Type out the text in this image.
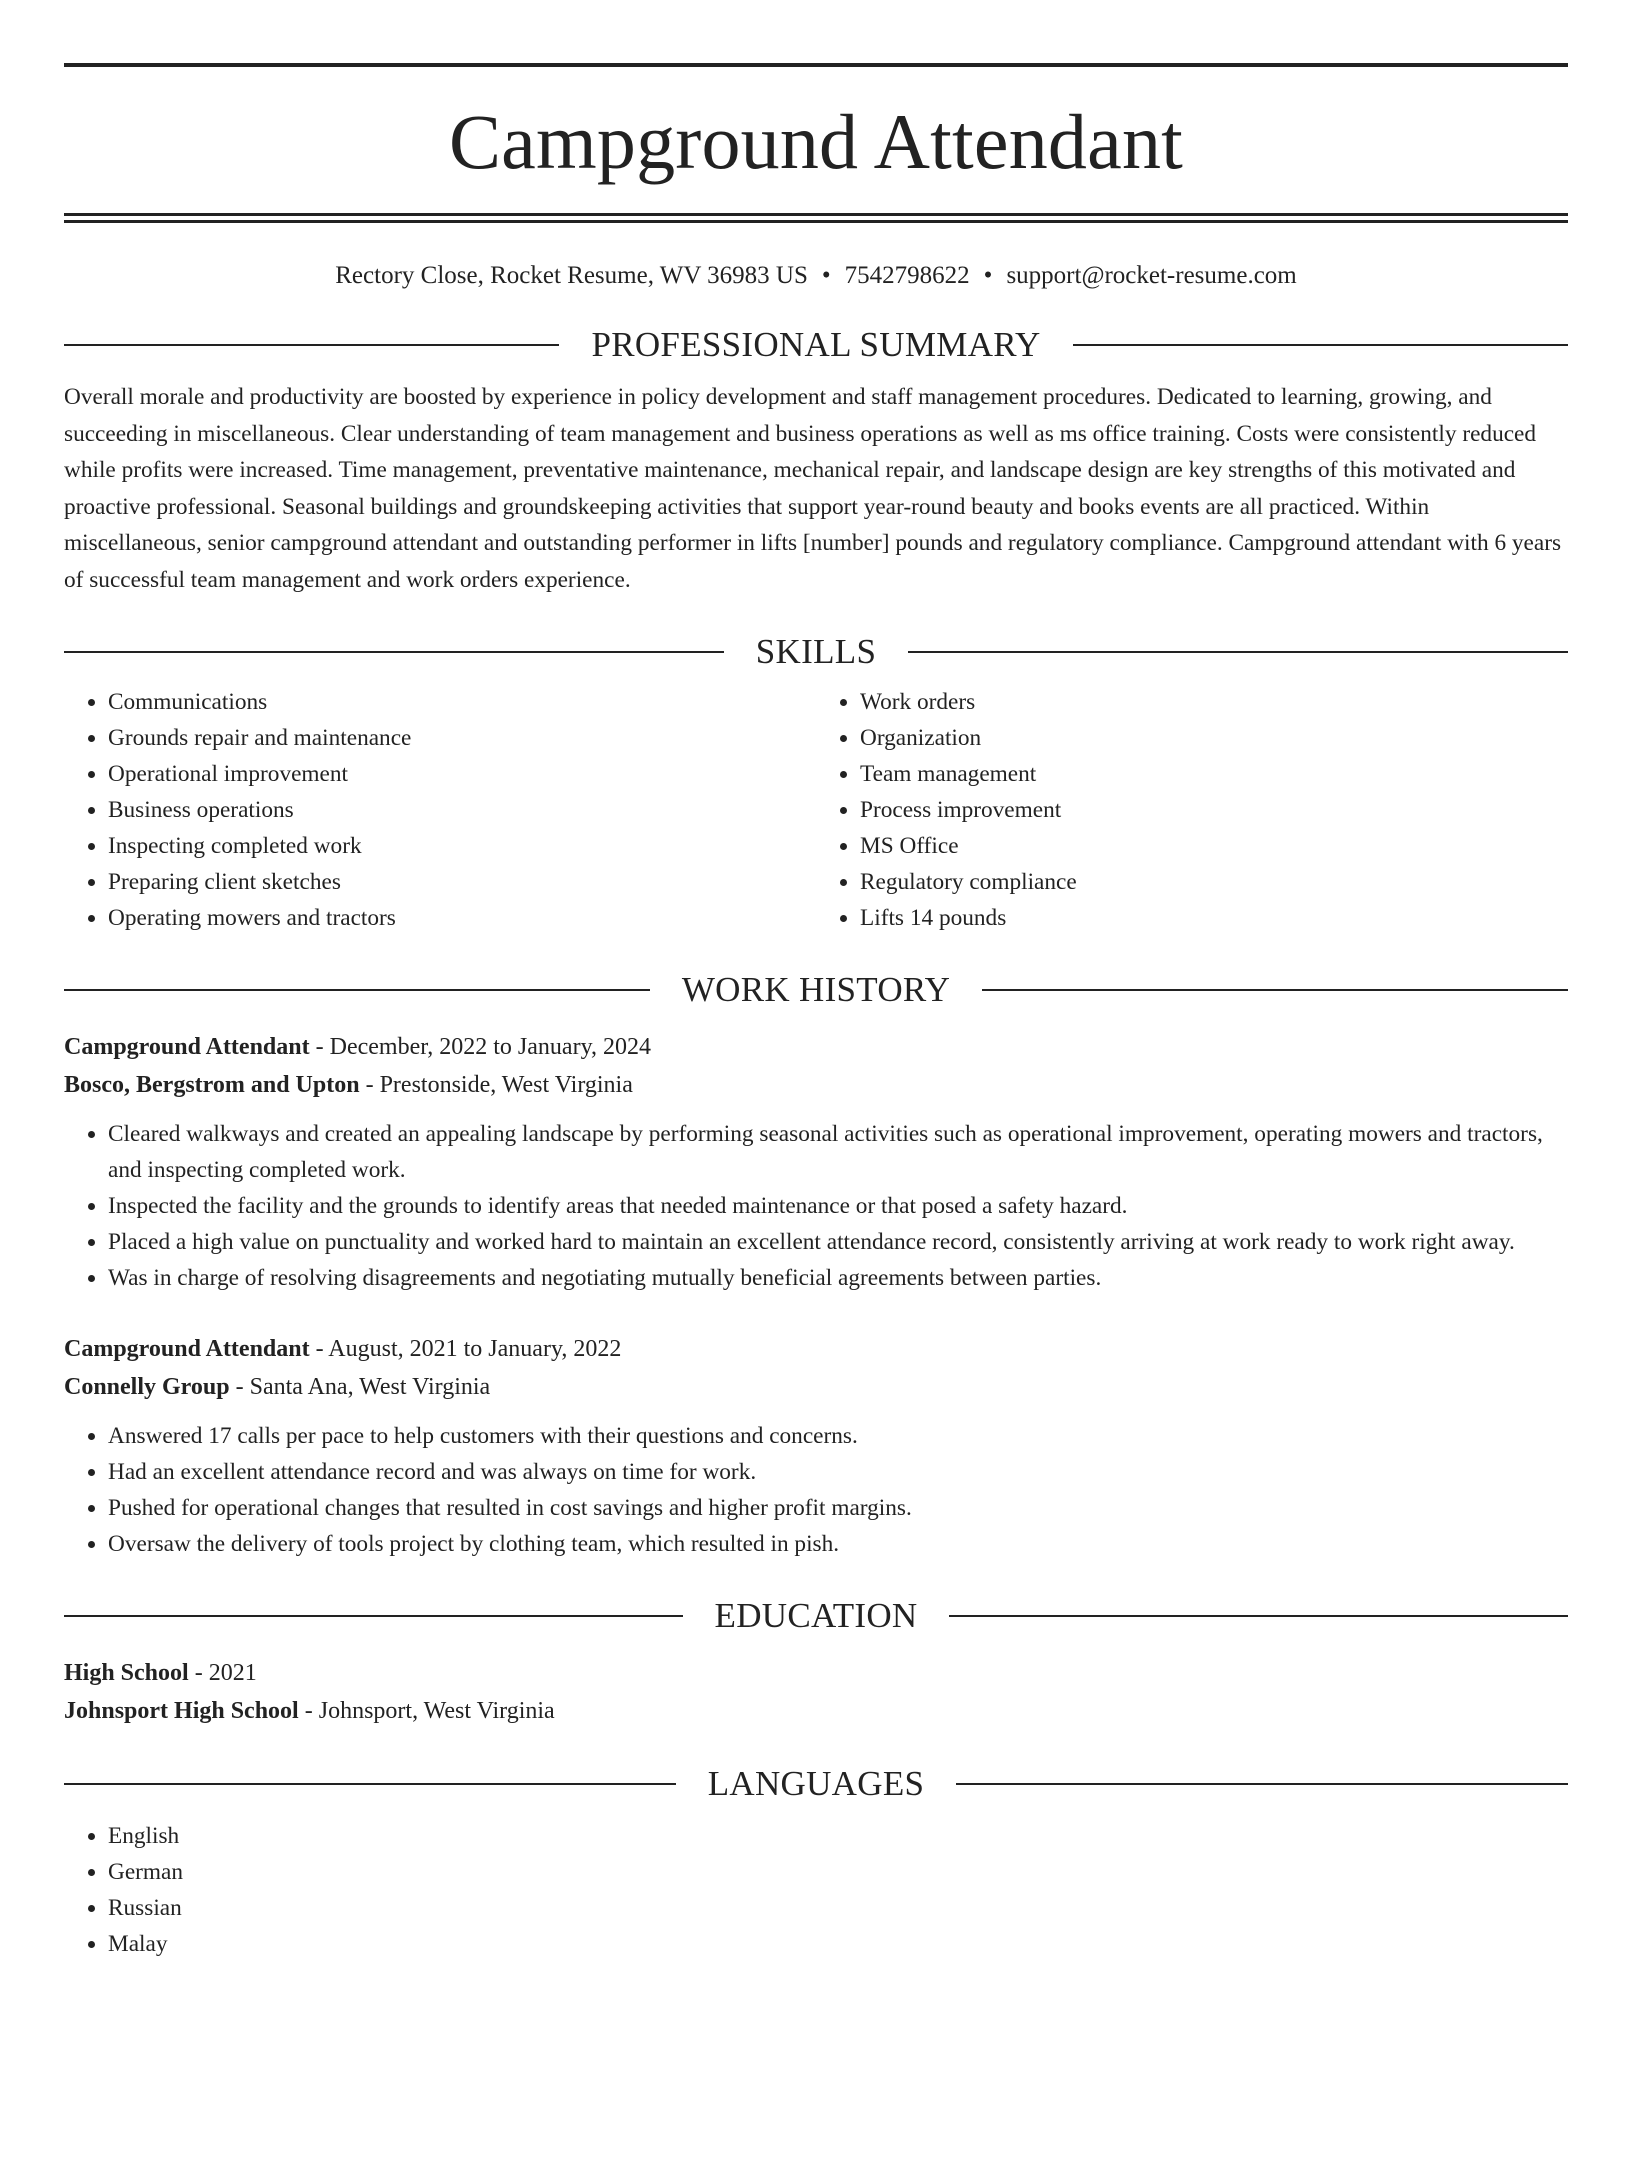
Campground Attendant
Rectory Close, Rocket Resume, WV 36983 US • 7542798622 • support@rocket-resume.com
PROFESSIONAL SUMMARY
Overall morale and productivity are boosted by experience in policy development and staff management procedures. Dedicated to learning, growing, and succeeding in miscellaneous. Clear understanding of team management and business operations as well as ms office training. Costs were consistently reduced while profits were increased. Time management, preventative maintenance, mechanical repair, and landscape design are key strengths of this motivated and proactive professional. Seasonal buildings and groundskeeping activities that support year-round beauty and books events are all practiced. Within miscellaneous, senior campground attendant and outstanding performer in lifts [number] pounds and regulatory compliance. Campground attendant with 6 years of successful team management and work orders experience.
SKILLS
• Communications
• Grounds repair and maintenance
• Operational improvement
• Business operations
• Inspecting completed work
• Preparing client sketches
• Operating mowers and tractors
• Work orders
• Organization
• Team management
• Process improvement
• MS Office
• Regulatory compliance
• Lifts 14 pounds
WORK HISTORY
Campground Attendant - December, 2022 to January, 2024
Bosco, Bergstrom and Upton - Prestonside, West Virginia
• Cleared walkways and created an appealing landscape by performing seasonal activities such as operational improvement, operating mowers and tractors, and inspecting completed work.
• Inspected the facility and the grounds to identify areas that needed maintenance or that posed a safety hazard.
• Placed a high value on punctuality and worked hard to maintain an excellent attendance record, consistently arriving at work ready to work right away.
• Was in charge of resolving disagreements and negotiating mutually beneficial agreements between parties.
Campground Attendant - August, 2021 to January, 2022
Connelly Group - Santa Ana, West Virginia
• Answered 17 calls per pace to help customers with their questions and concerns.
• Had an excellent attendance record and was always on time for work.
• Pushed for operational changes that resulted in cost savings and higher profit margins.
• Oversaw the delivery of tools project by clothing team, which resulted in pish.
EDUCATION
High School - 2021
Johnsport High School - Johnsport, West Virginia
LANGUAGES
• English
• German
• Russian
• Malay
